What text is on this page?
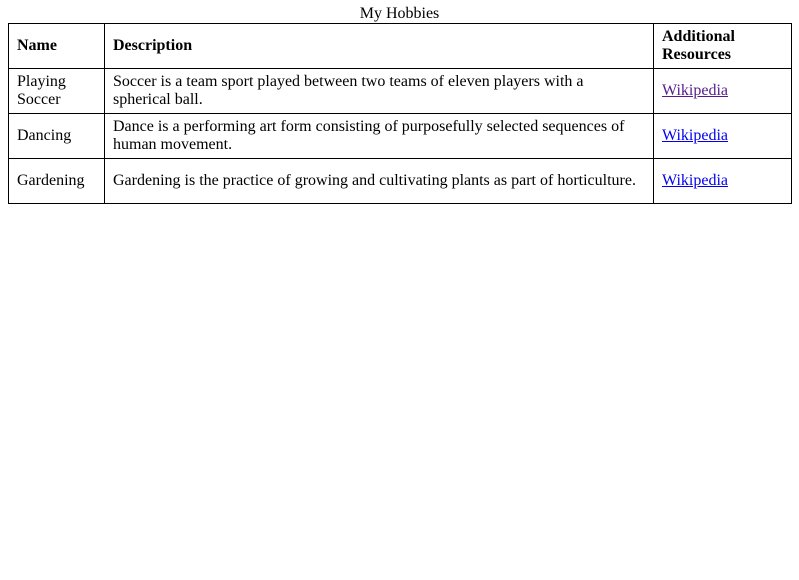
My Hobbies
Name	Description	Additional Resources
Playing Soccer	Soccer is a team sport played between two teams of eleven players with a spherical ball.	Wikipedia
Dancing	Dance is a performing art form consisting of purposefully selected sequences of human movement.	Wikipedia
Gardening	Gardening is the practice of growing and cultivating plants as part of horticulture.	Wikipedia
